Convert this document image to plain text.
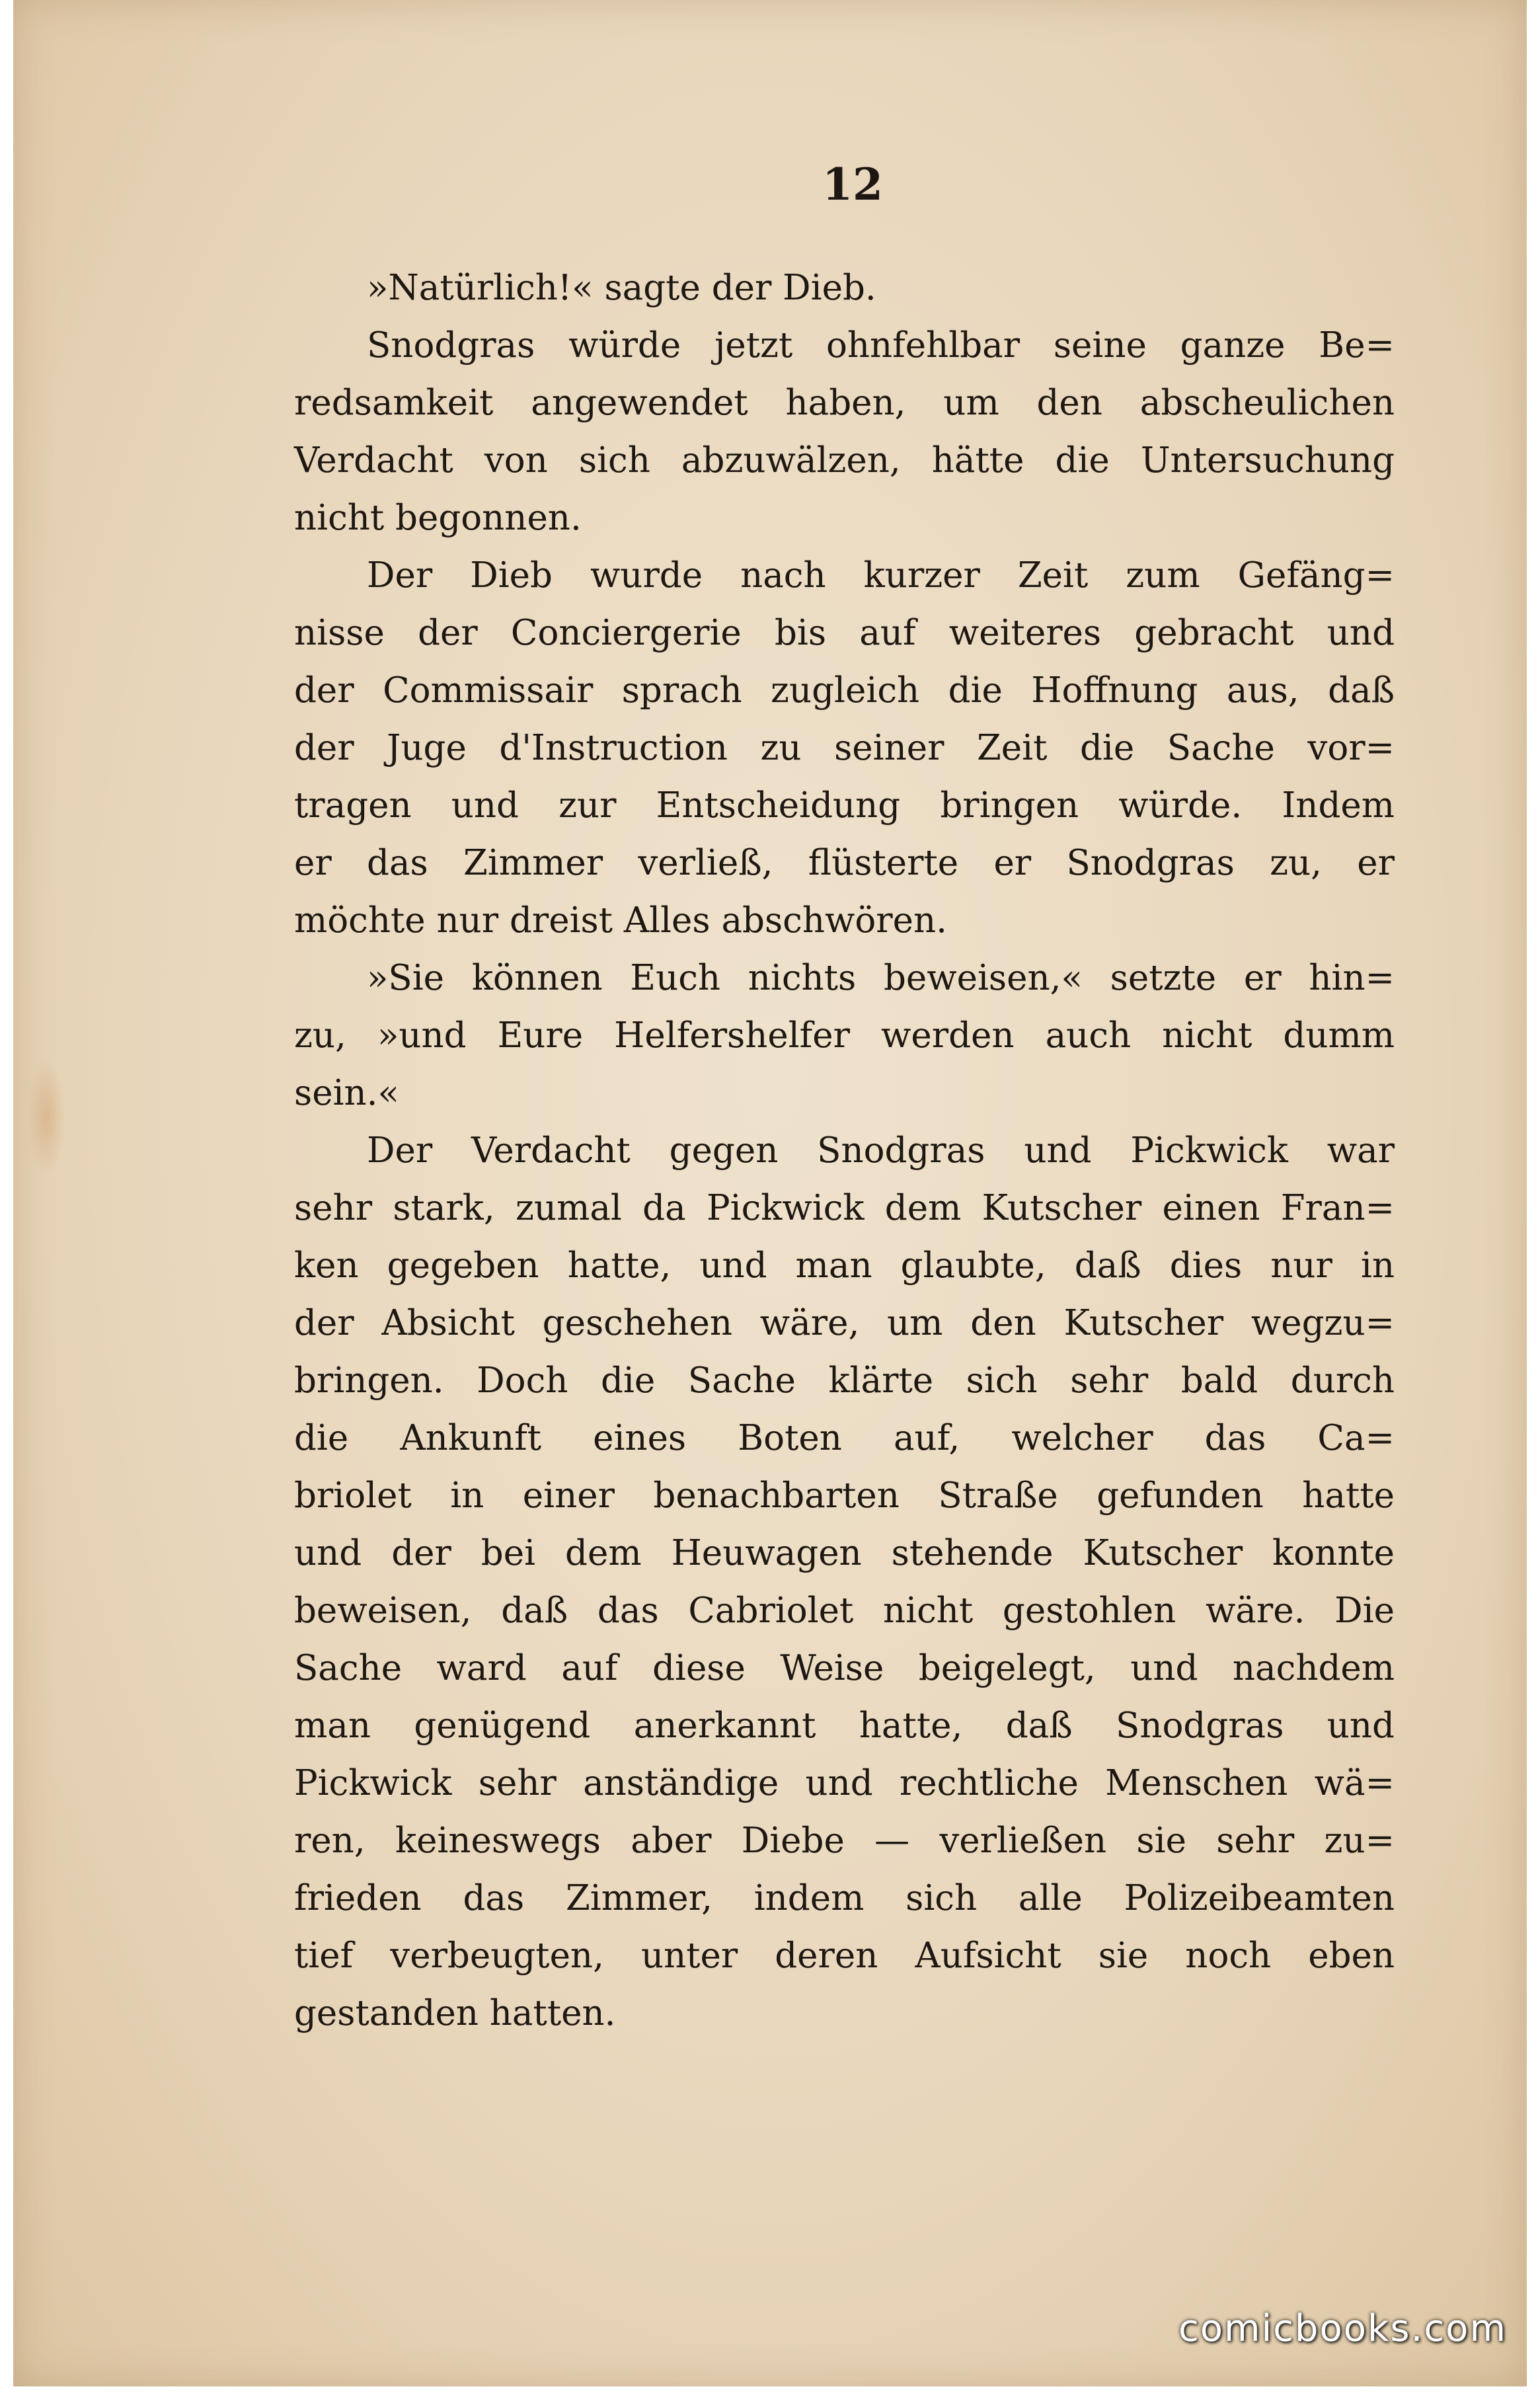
12
»Natürlich!« sagte der Dieb.
Snodgras würde jetzt ohnfehlbar seine ganze Be=
redsamkeit angewendet haben, um den abscheulichen
Verdacht von sich abzuwälzen, hätte die Untersuchung
nicht begonnen.
Der Dieb wurde nach kurzer Zeit zum Gefäng=
nisse der Conciergerie bis auf weiteres gebracht und
der Commissair sprach zugleich die Hoffnung aus, daß
der Juge d'Instruction zu seiner Zeit die Sache vor=
tragen und zur Entscheidung bringen würde. Indem
er das Zimmer verließ, flüsterte er Snodgras zu, er
möchte nur dreist Alles abschwören.
»Sie können Euch nichts beweisen,« setzte er hin=
zu, »und Eure Helfershelfer werden auch nicht dumm
sein.«
Der Verdacht gegen Snodgras und Pickwick war
sehr stark, zumal da Pickwick dem Kutscher einen Fran=
ken gegeben hatte, und man glaubte, daß dies nur in
der Absicht geschehen wäre, um den Kutscher wegzu=
bringen. Doch die Sache klärte sich sehr bald durch
die Ankunft eines Boten auf, welcher das Ca=
briolet in einer benachbarten Straße gefunden hatte
und der bei dem Heuwagen stehende Kutscher konnte
beweisen, daß das Cabriolet nicht gestohlen wäre. Die
Sache ward auf diese Weise beigelegt, und nachdem
man genügend anerkannt hatte, daß Snodgras und
Pickwick sehr anständige und rechtliche Menschen wä=
ren, keineswegs aber Diebe — verließen sie sehr zu=
frieden das Zimmer, indem sich alle Polizeibeamten
tief verbeugten, unter deren Aufsicht sie noch eben
gestanden hatten.
comicbooks.com
